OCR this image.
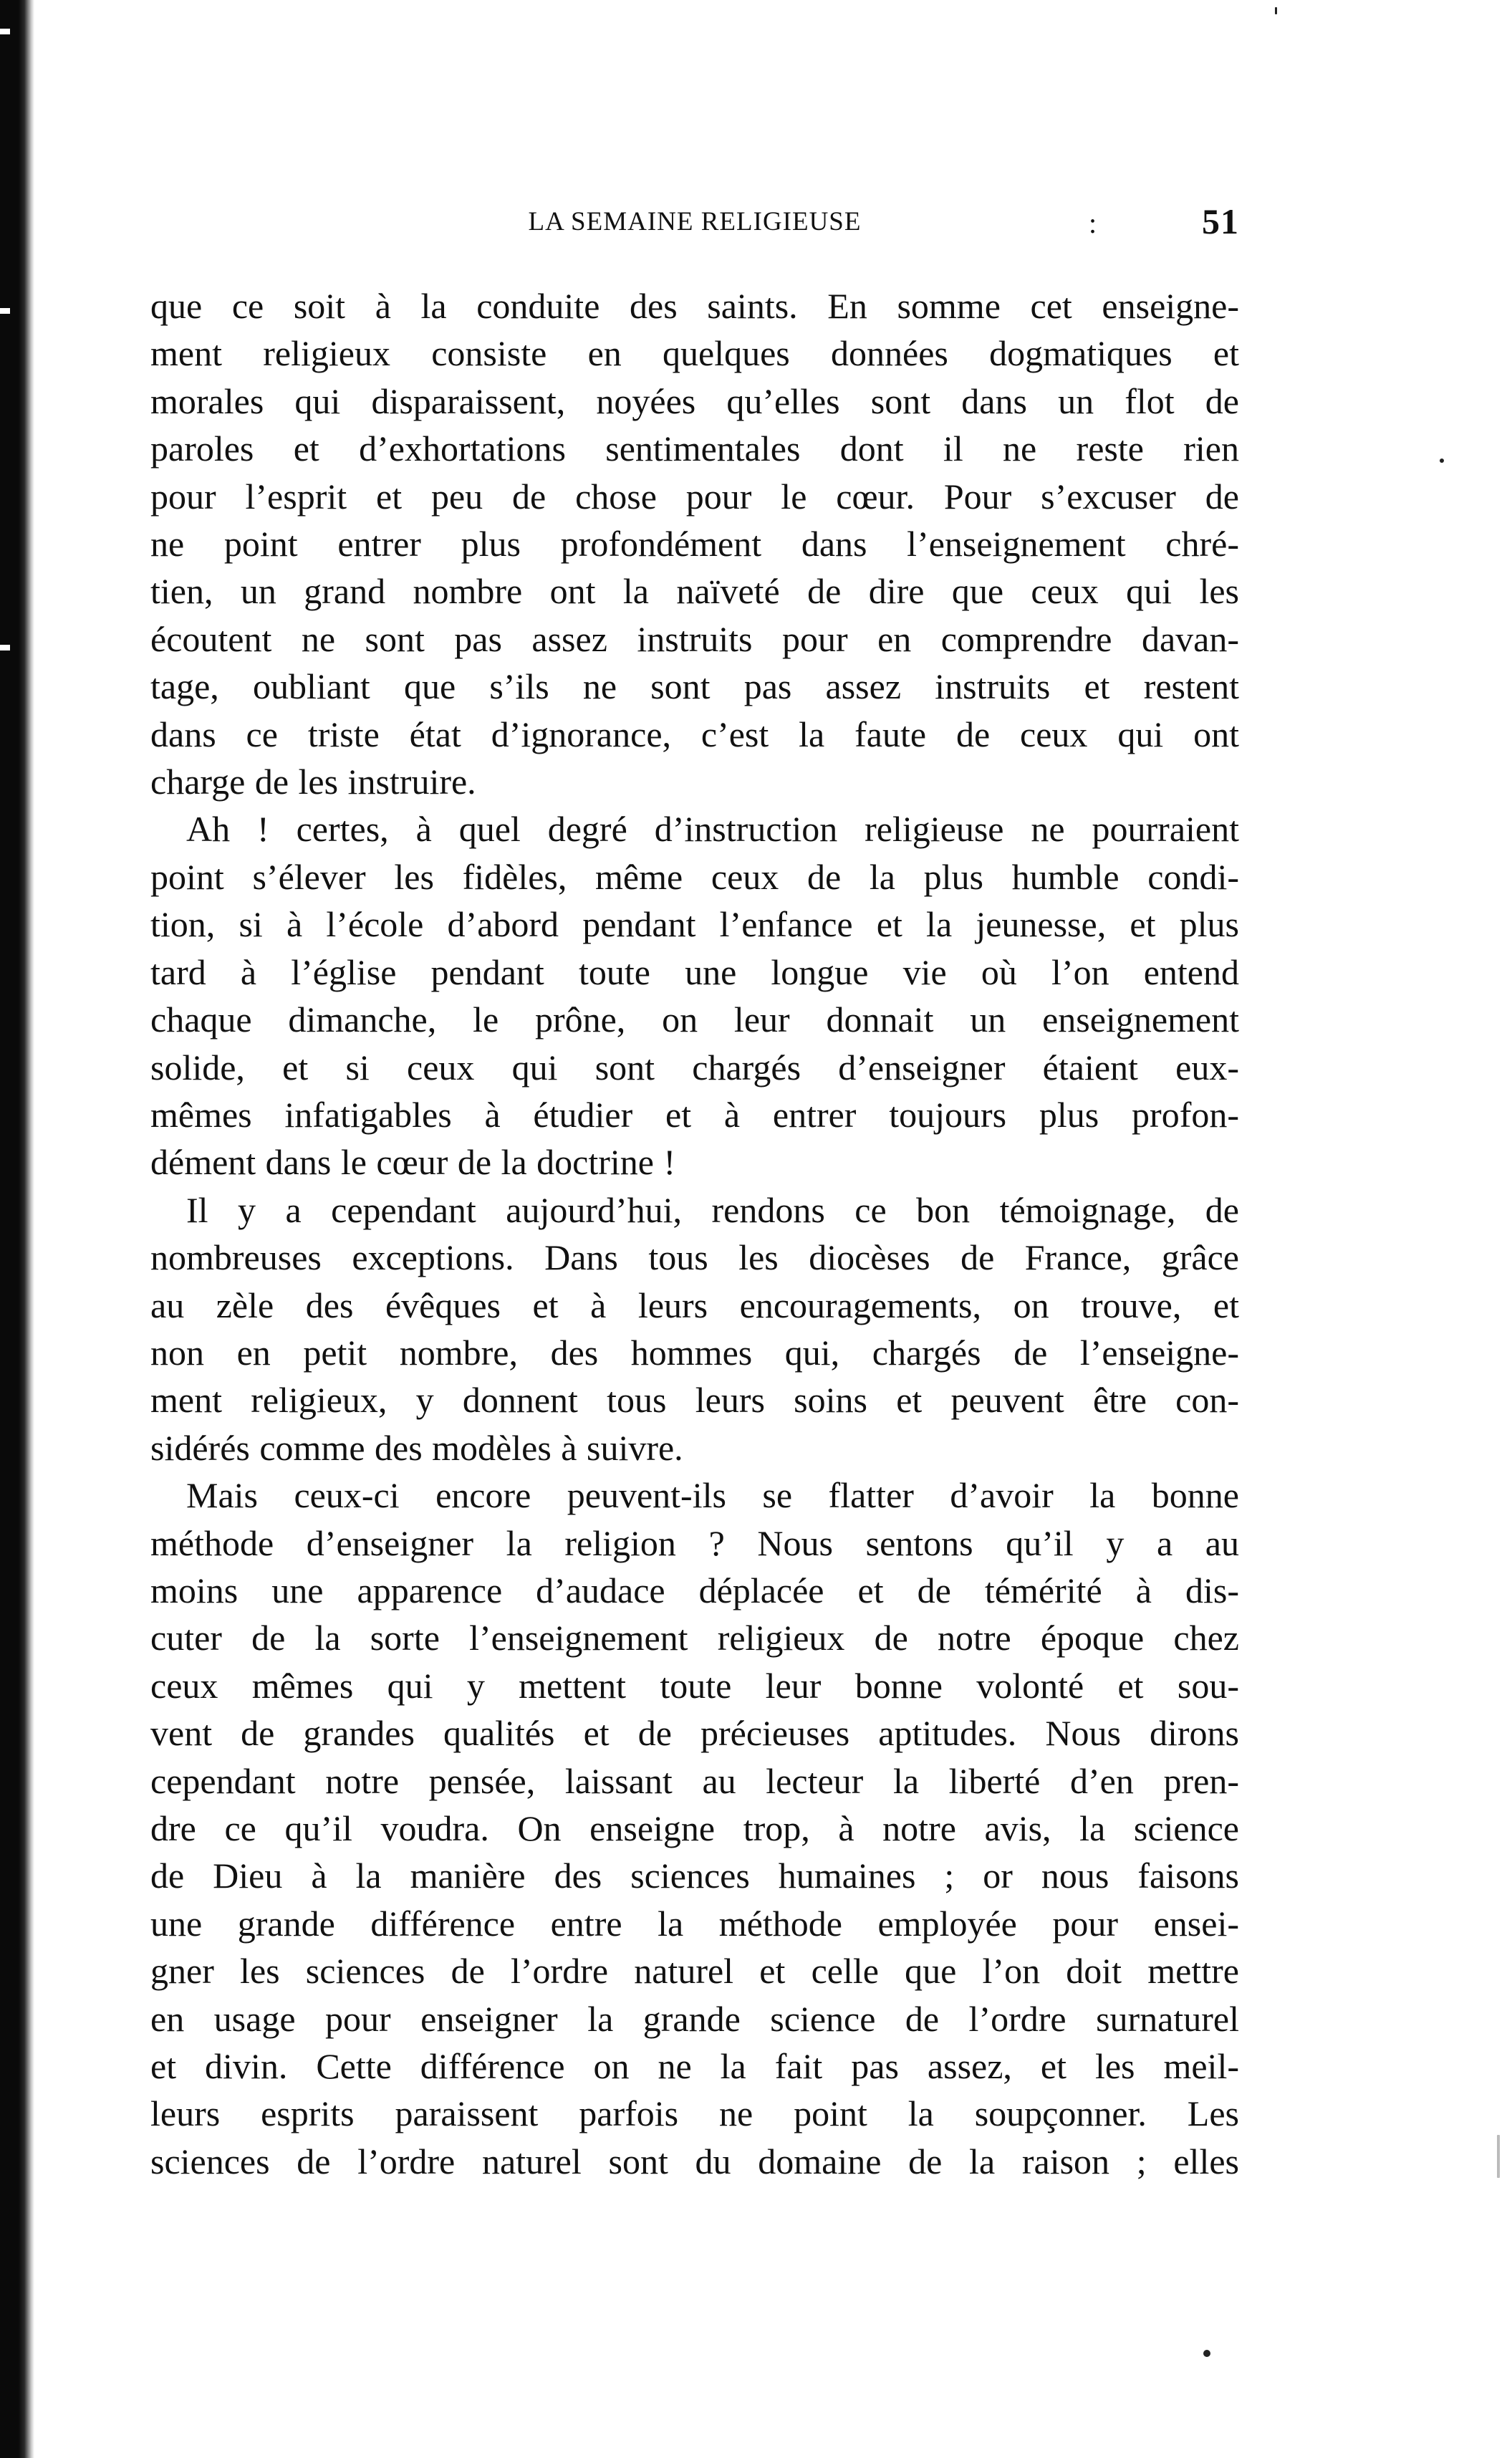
LA SEMAINE RELIGIEUSE	:	51
que ce soit à la conduite des saints. En somme cet enseigne-
ment religieux consiste en quelques données dogmatiques et
morales qui disparaissent, noyées qu’elles sont dans un flot de
paroles et d’exhortations sentimentales dont il ne reste rien
pour l’esprit et peu de chose pour le cœur. Pour s’excuser de
ne point entrer plus profondément dans l’enseignement chré-
tien, un grand nombre ont la naïveté de dire que ceux qui les
écoutent ne sont pas assez instruits pour en comprendre davan-
tage, oubliant que s’ils ne sont pas assez instruits et restent
dans ce triste état d’ignorance, c’est la faute de ceux qui ont
charge de les instruire.
Ah ! certes, à quel degré d’instruction religieuse ne pourraient
point s’élever les fidèles, même ceux de la plus humble condi-
tion, si à l’école d’abord pendant l’enfance et la jeunesse, et plus
tard à l’église pendant toute une longue vie où l’on entend
chaque dimanche, le prône, on leur donnait un enseignement
solide, et si ceux qui sont chargés d’enseigner étaient eux-
mêmes infatigables à étudier et à entrer toujours plus profon-
dément dans le cœur de la doctrine !
Il y a cependant aujourd’hui, rendons ce bon témoignage, de
nombreuses exceptions. Dans tous les diocèses de France, grâce
au zèle des évêques et à leurs encouragements, on trouve, et
non en petit nombre, des hommes qui, chargés de l’enseigne-
ment religieux, y donnent tous leurs soins et peuvent être con-
sidérés comme des modèles à suivre.
Mais ceux-ci encore peuvent-ils se flatter d’avoir la bonne
méthode d’enseigner la religion ? Nous sentons qu’il y a au
moins une apparence d’audace déplacée et de témérité à dis-
cuter de la sorte l’enseignement religieux de notre époque chez
ceux mêmes qui y mettent toute leur bonne volonté et sou-
vent de grandes qualités et de précieuses aptitudes. Nous dirons
cependant notre pensée, laissant au lecteur la liberté d’en pren-
dre ce qu’il voudra. On enseigne trop, à notre avis, la science
de Dieu à la manière des sciences humaines ; or nous faisons
une grande différence entre la méthode employée pour ensei-
gner les sciences de l’ordre naturel et celle que l’on doit mettre
en usage pour enseigner la grande science de l’ordre surnaturel
et divin. Cette différence on ne la fait pas assez, et les meil-
leurs esprits paraissent parfois ne point la soupçonner. Les
sciences de l’ordre naturel sont du domaine de la raison ; elles
